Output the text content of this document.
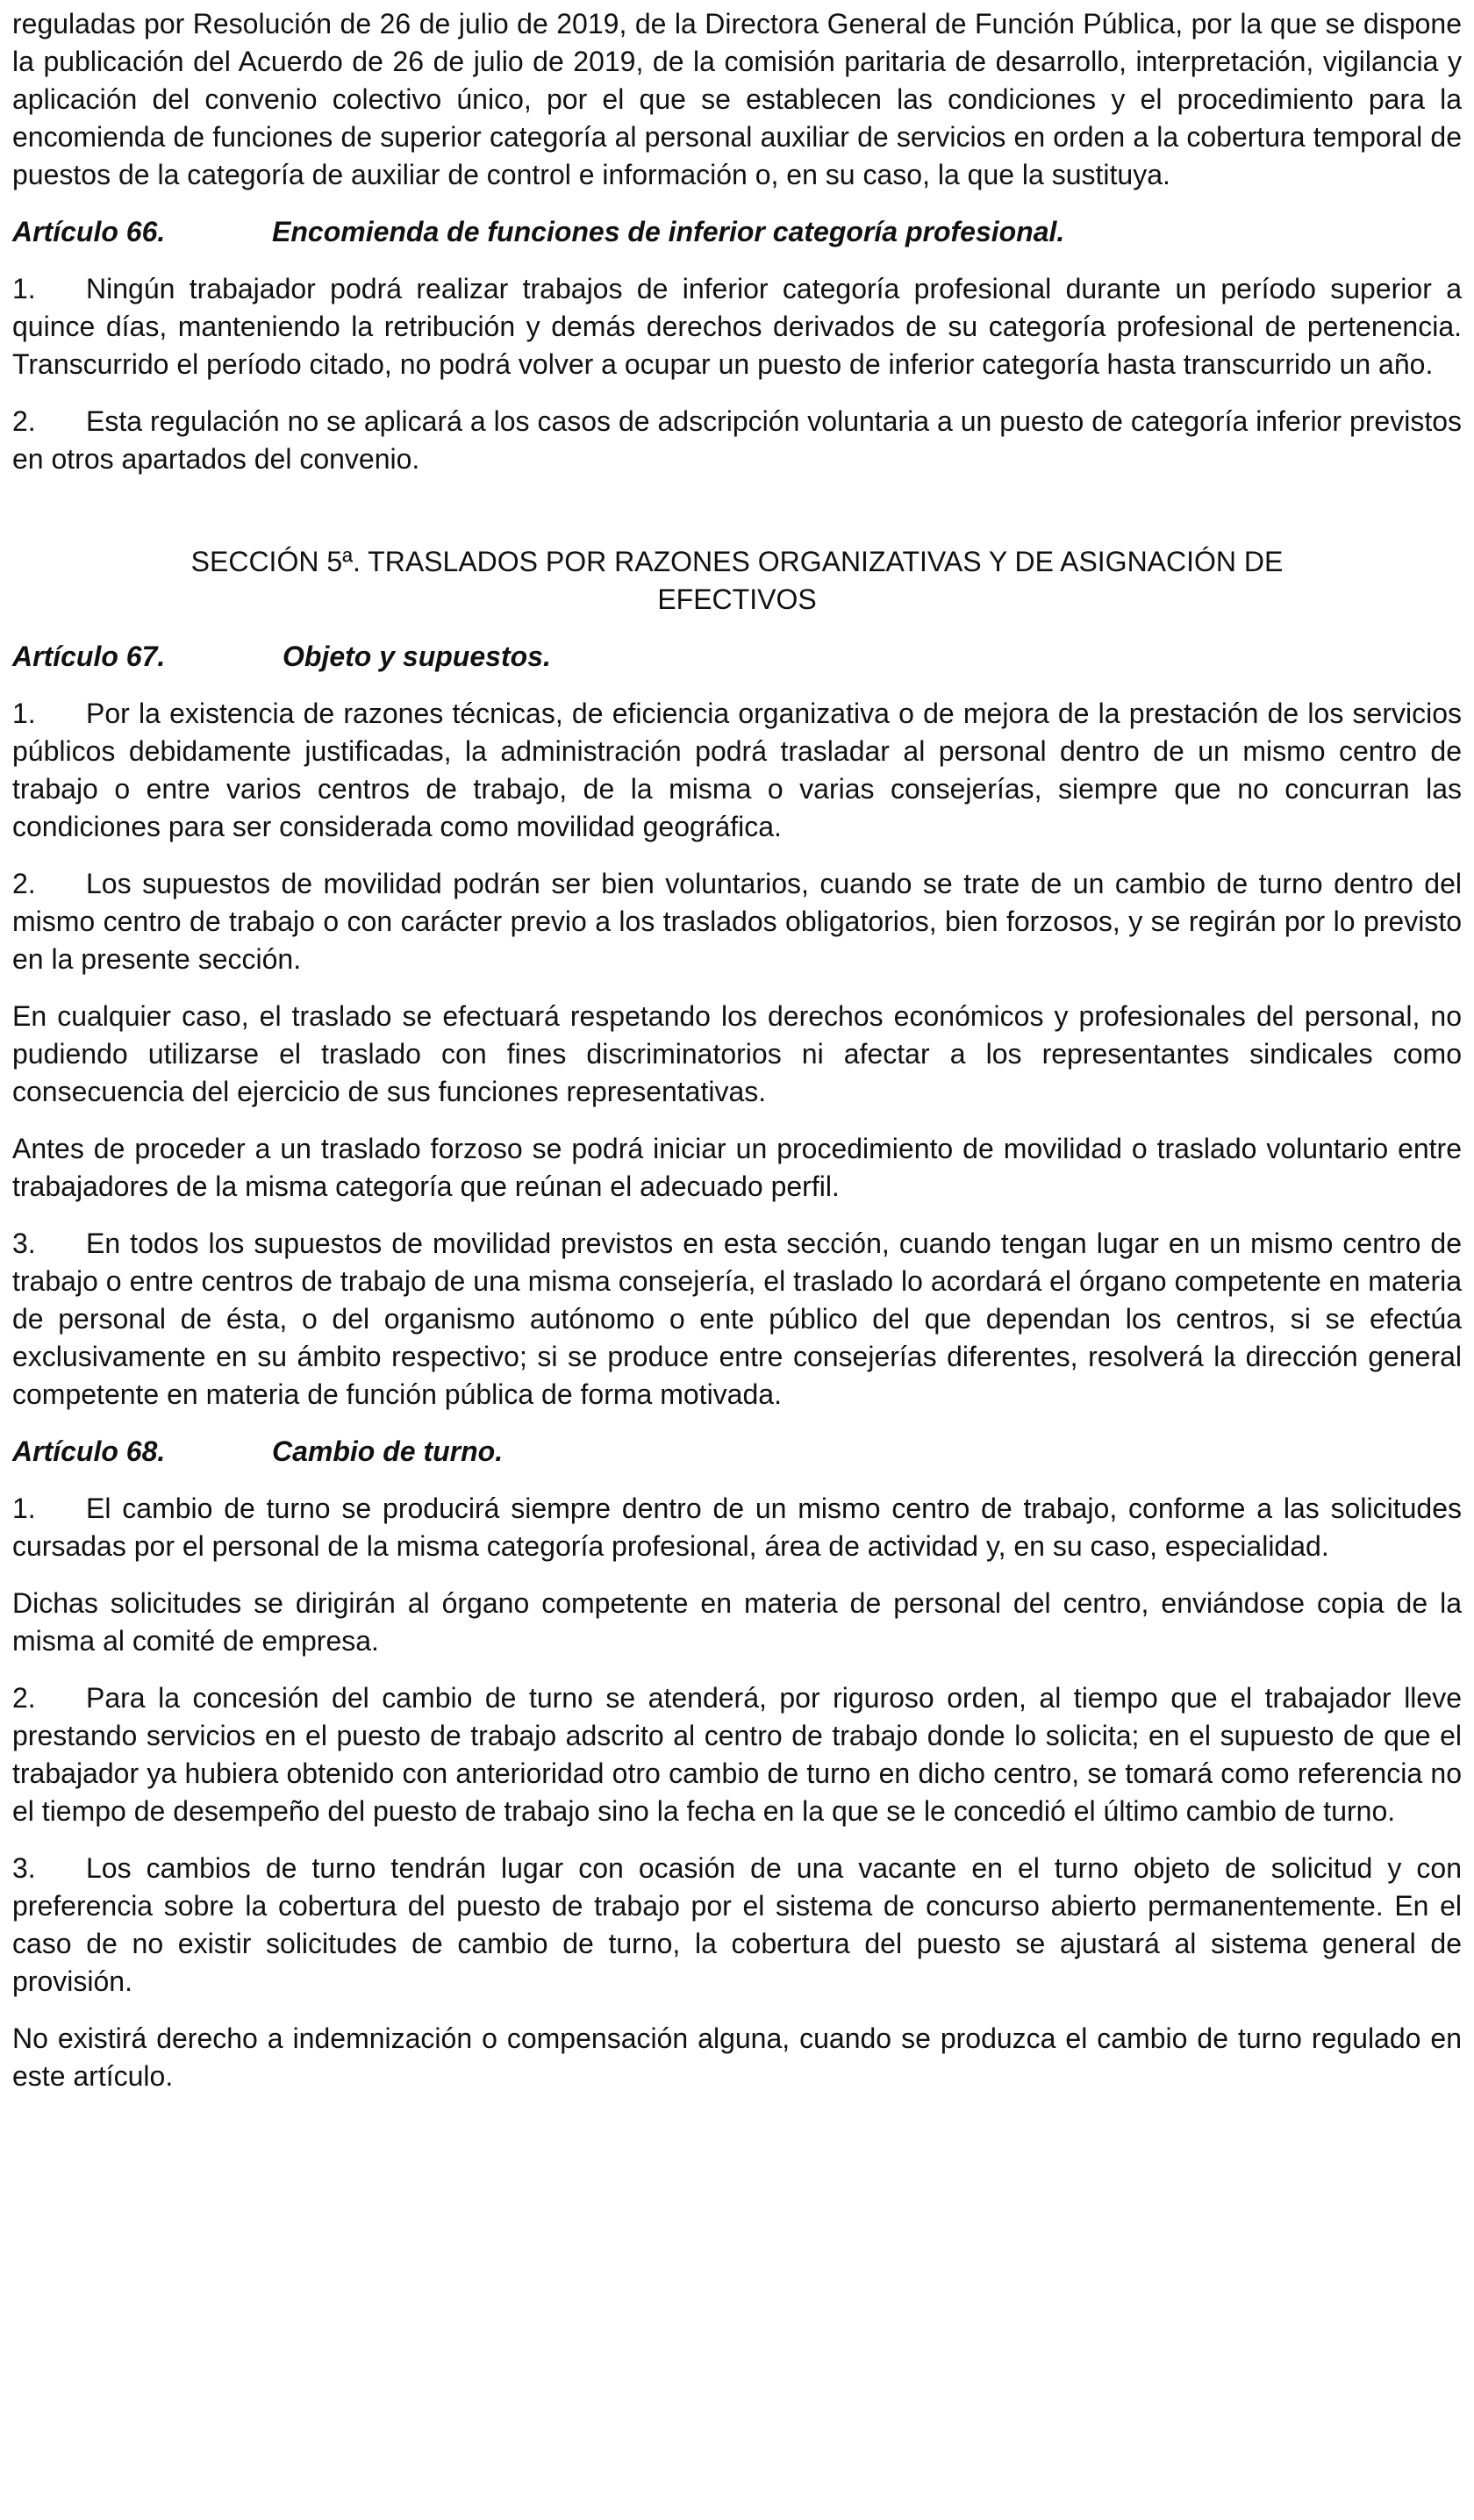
reguladas por Resolución de 26 de julio de 2019, de la Directora General de Función Pública, por la que se dispone la publicación del Acuerdo de 26 de julio de 2019, de la comisión paritaria de desarrollo, interpretación, vigilancia y aplicación del convenio colectivo único, por el que se establecen las condiciones y el procedimiento para la encomienda de funciones de superior categoría al personal auxiliar de servicios en orden a la cobertura temporal de puestos de la categoría de auxiliar de control e información o, en su caso, la que la sustituya.

Artículo 66.	Encomienda de funciones de inferior categoría profesional.
1. Ningún trabajador podrá realizar trabajos de inferior categoría profesional durante un período superior a quince días, manteniendo la retribución y demás derechos derivados de su categoría profesional de pertenencia. Transcurrido el período citado, no podrá volver a ocupar un puesto de inferior categoría hasta transcurrido un año.
2. Esta regulación no se aplicará a los casos de adscripción voluntaria a un puesto de categoría inferior previstos en otros apartados del convenio.
SECCIÓN 5ª. TRASLADOS POR RAZONES ORGANIZATIVAS Y DE ASIGNACIÓN DE
EFECTIVOS
Artículo 67.	Objeto y supuestos.
1. Por la existencia de razones técnicas, de eficiencia organizativa o de mejora de la prestación de los servicios públicos debidamente justificadas, la administración podrá trasladar al personal dentro de un mismo centro de trabajo o entre varios centros de trabajo, de la misma o varias consejerías, siempre que no concurran las condiciones para ser considerada como movilidad geográfica.
2. Los supuestos de movilidad podrán ser bien voluntarios, cuando se trate de un cambio de turno dentro del mismo centro de trabajo o con carácter previo a los traslados obligatorios, bien forzosos, y se regirán por lo previsto en la presente sección.
En cualquier caso, el traslado se efectuará respetando los derechos económicos y profesionales del personal, no pudiendo utilizarse el traslado con fines discriminatorios ni afectar a los representantes sindicales como consecuencia del ejercicio de sus funciones representativas.
Antes de proceder a un traslado forzoso se podrá iniciar un procedimiento de movilidad o traslado voluntario entre trabajadores de la misma categoría que reúnan el adecuado perfil.
3. En todos los supuestos de movilidad previstos en esta sección, cuando tengan lugar en un mismo centro de trabajo o entre centros de trabajo de una misma consejería, el traslado lo acordará el órgano competente en materia de personal de ésta, o del organismo autónomo o ente público del que dependan los centros, si se efectúa exclusivamente en su ámbito respectivo; si se produce entre consejerías diferentes, resolverá la dirección general competente en materia de función pública de forma motivada.
Artículo 68.	Cambio de turno.
1. El cambio de turno se producirá siempre dentro de un mismo centro de trabajo, conforme a las solicitudes cursadas por el personal de la misma categoría profesional, área de actividad y, en su caso, especialidad.
Dichas solicitudes se dirigirán al órgano competente en materia de personal del centro, enviándose copia de la misma al comité de empresa.
2. Para la concesión del cambio de turno se atenderá, por riguroso orden, al tiempo que el trabajador lleve prestando servicios en el puesto de trabajo adscrito al centro de trabajo donde lo solicita; en el supuesto de que el trabajador ya hubiera obtenido con anterioridad otro cambio de turno en dicho centro, se tomará como referencia no el tiempo de desempeño del puesto de trabajo sino la fecha en la que se le concedió el último cambio de turno.
3. Los cambios de turno tendrán lugar con ocasión de una vacante en el turno objeto de solicitud y con preferencia sobre la cobertura del puesto de trabajo por el sistema de concurso abierto permanentemente. En el caso de no existir solicitudes de cambio de turno, la cobertura del puesto se ajustará al sistema general de provisión.
No existirá derecho a indemnización o compensación alguna, cuando se produzca el cambio de turno regulado en este artículo.
